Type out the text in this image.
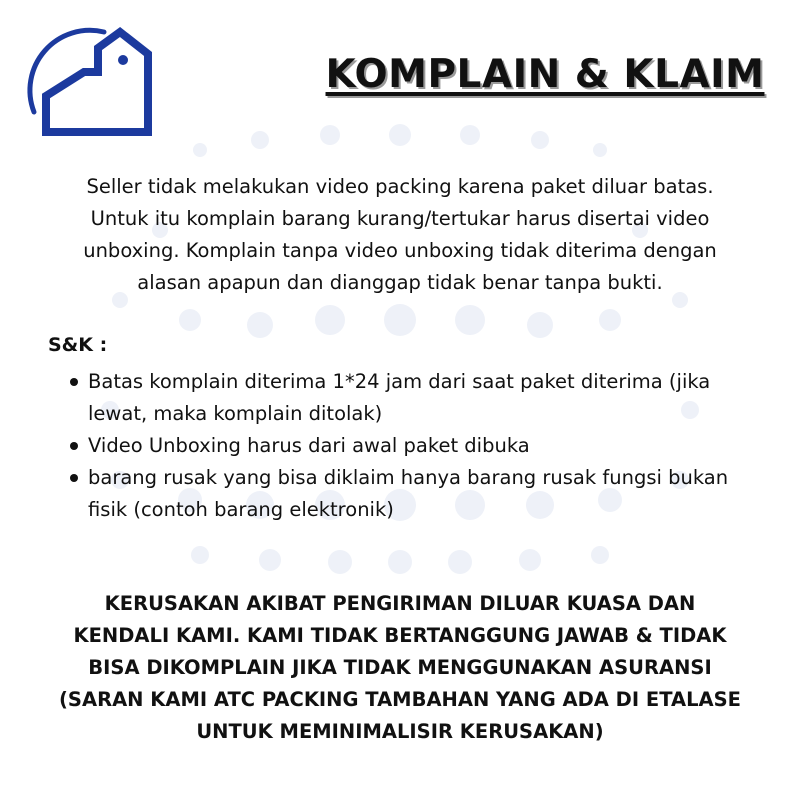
KOMPLAIN & KLAIM
Seller tidak melakukan video packing karena paket diluar batas.
Untuk itu komplain barang kurang/tertukar harus disertai video
unboxing. Komplain tanpa video unboxing tidak diterima dengan
alasan apapun dan dianggap tidak benar tanpa bukti.
S&K :
Batas komplain diterima 1*24 jam dari saat paket diterima (jika
lewat, maka komplain ditolak)
Video Unboxing harus dari awal paket dibuka
barang rusak yang bisa diklaim hanya barang rusak fungsi bukan
fisik (contoh barang elektronik)
KERUSAKAN AKIBAT PENGIRIMAN DILUAR KUASA DAN
KENDALI KAMI. KAMI TIDAK BERTANGGUNG JAWAB & TIDAK
BISA DIKOMPLAIN JIKA TIDAK MENGGUNAKAN ASURANSI
(SARAN KAMI ATC PACKING TAMBAHAN YANG ADA DI ETALASE
UNTUK MEMINIMALISIR KERUSAKAN)
